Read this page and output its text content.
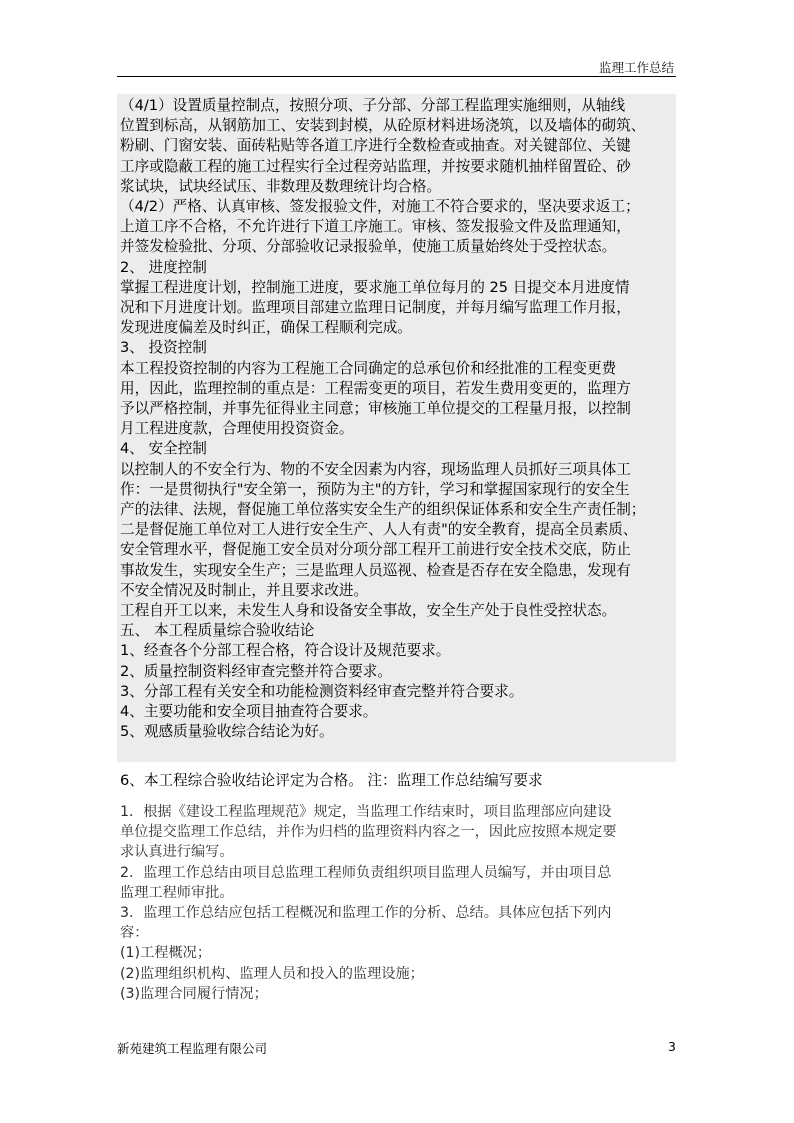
监理工作总结
（4/1）设置质量控制点，按照分项、子分部、分部工程监理实施细则，从轴线
位置到标高，从钢筋加工、安装到封模，从砼原材料进场浇筑，以及墙体的砌筑、
粉刷、门窗安装、面砖粘贴等各道工序进行全数检查或抽查。对关键部位、关键
工序或隐蔽工程的施工过程实行全过程旁站监理，并按要求随机抽样留置砼、砂
浆试块，试块经试压、非数理及数理统计均合格。
（4/2）严格、认真审核、签发报验文件，对施工不符合要求的，坚决要求返工；
上道工序不合格，不允许进行下道工序施工。审核、签发报验文件及监理通知，
并签发检验批、分项、分部验收记录报验单，使施工质量始终处于受控状态。
2、 进度控制
掌握工程进度计划，控制施工进度，要求施工单位每月的 25 日提交本月进度情
况和下月进度计划。监理项目部建立监理日记制度，并每月编写监理工作月报，
发现进度偏差及时纠正，确保工程顺利完成。
3、 投资控制
本工程投资控制的内容为工程施工合同确定的总承包价和经批准的工程变更费
用，因此，监理控制的重点是：工程需变更的项目，若发生费用变更的，监理方
予以严格控制，并事先征得业主同意；审核施工单位提交的工程量月报，以控制
月工程进度款，合理使用投资资金。
4、 安全控制
以控制人的不安全行为、物的不安全因素为内容，现场监理人员抓好三项具体工
作：一是贯彻执行"安全第一，预防为主"的方针，学习和掌握国家现行的安全生
产的法律、法规，督促施工单位落实安全生产的组织保证体系和安全生产责任制；
二是督促施工单位对工人进行安全生产、人人有责"的安全教育，提高全员素质、
安全管理水平，督促施工安全员对分项分部工程开工前进行安全技术交底，防止
事故发生，实现安全生产；三是监理人员巡视、检查是否存在安全隐患，发现有
不安全情况及时制止，并且要求改进。
工程自开工以来，未发生人身和设备安全事故，安全生产处于良性受控状态。
五、 本工程质量综合验收结论
1、经查各个分部工程合格，符合设计及规范要求。
2、质量控制资料经审查完整并符合要求。
3、分部工程有关安全和功能检测资料经审查完整并符合要求。
4、主要功能和安全项目抽查符合要求。
5、观感质量验收综合结论为好。
6、本工程综合验收结论评定为合格。 注：监理工作总结编写要求
1．根据《建设工程监理规范》规定，当监理工作结束时，项目监理部应向建设
单位提交监理工作总结，并作为归档的监理资料内容之一，因此应按照本规定要
求认真进行编写。
2．监理工作总结由项目总监理工程师负责组织项目监理人员编写，并由项目总
监理工程师审批。
3．监理工作总结应包括工程概况和监理工作的分析、总结。具体应包括下列内
容：
(1)工程概况；
(2)监理组织机构、监理人员和投入的监理设施；
(3)监理合同履行情况；
新苑建筑工程监理有限公司	3
